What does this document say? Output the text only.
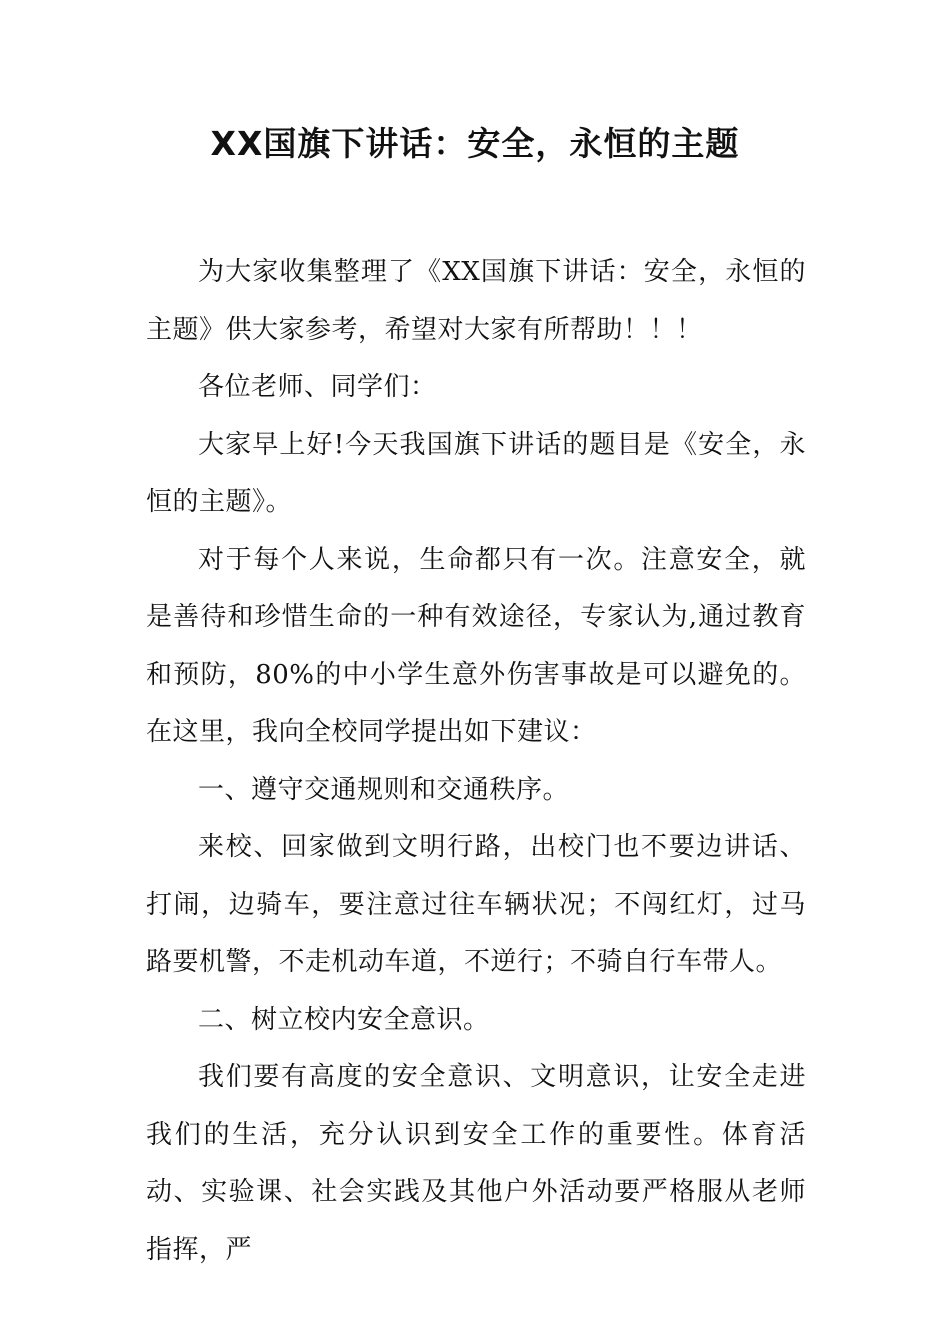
XX国旗下讲话：安全，永恒的主题

为大家收集整理了《XX国旗下讲话：安全，永恒的主题》供大家参考，希望对大家有所帮助！！！

各位老师、同学们：

大家早上好!今天我国旗下讲话的题目是《安全，永恒的主题》。

对于每个人来说，生命都只有一次。注意安全，就是善待和珍惜生命的一种有效途径，专家认为,通过教育和预防，80%的中小学生意外伤害事故是可以避免的。在这里，我向全校同学提出如下建议：

一、遵守交通规则和交通秩序。

来校、回家做到文明行路，出校门也不要边讲话、打闹，边骑车，要注意过往车辆状况；不闯红灯，过马路要机警，不走机动车道，不逆行；不骑自行车带人。

二、树立校内安全意识。

我们要有高度的安全意识、文明意识，让安全走进我们的生活，充分认识到安全工作的重要性。体育活动、实验课、社会实践及其他户外活动要严格服从老师指挥，严
